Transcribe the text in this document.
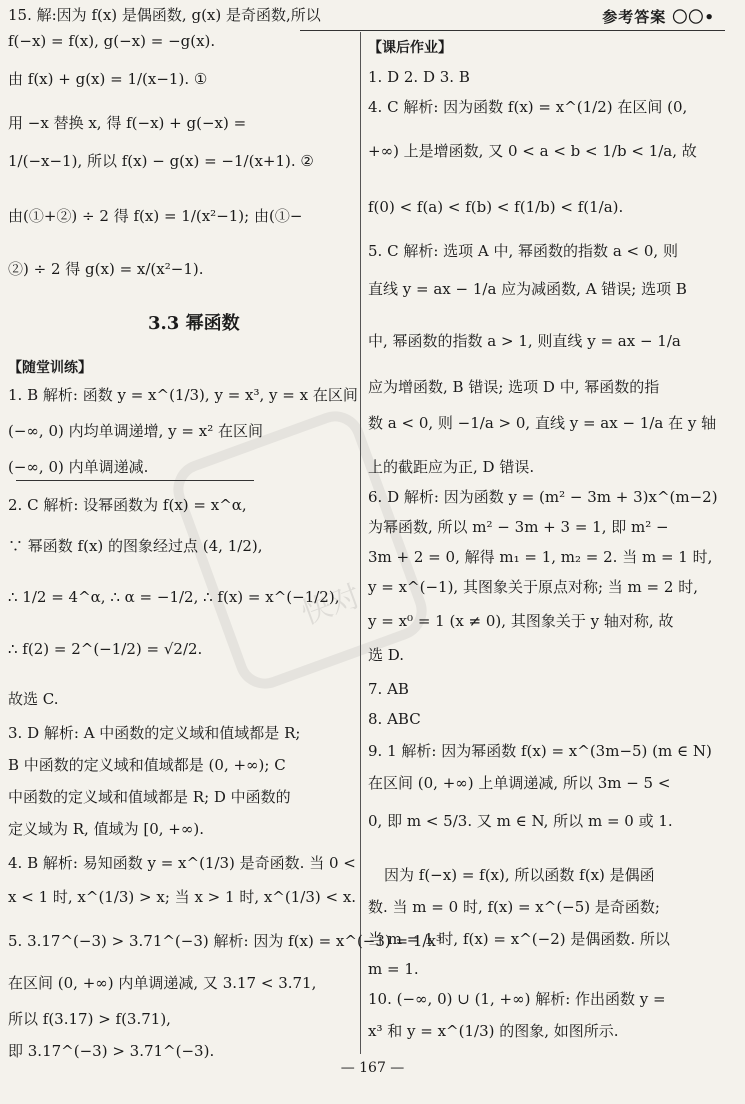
参考答案 〇〇•
快对
15. 解:因为 f(x) 是偶函数, g(x) 是奇函数,所以
f(−x) = f(x), g(−x) = −g(x).
由 f(x) + g(x) = 1/(x−1). ①
用 −x 替换 x, 得 f(−x) + g(−x) =
1/(−x−1), 所以 f(x) − g(x) = −1/(x+1). ②
由(①+②) ÷ 2 得 f(x) = 1/(x²−1); 由(①−
②) ÷ 2 得 g(x) = x/(x²−1).
3.3 幂函数
【随堂训练】
1. B 解析: 函数 y = x^(1/3), y = x³, y = x 在区间
(−∞, 0) 内均单调递增, y = x² 在区间
(−∞, 0) 内单调递减.
2. C 解析: 设幂函数为 f(x) = x^α,
∵ 幂函数 f(x) 的图象经过点 (4, 1/2),
∴ 1/2 = 4^α, ∴ α = −1/2, ∴ f(x) = x^(−1/2),
∴ f(2) = 2^(−1/2) = √2/2.
故选 C.
3. D 解析: A 中函数的定义域和值域都是 R;
B 中函数的定义域和值域都是 (0, +∞); C
中函数的定义域和值域都是 R; D 中函数的
定义域为 R, 值域为 [0, +∞).
4. B 解析: 易知函数 y = x^(1/3) 是奇函数. 当 0 <
x < 1 时, x^(1/3) > x; 当 x > 1 时, x^(1/3) < x.
5. 3.17^(−3) > 3.71^(−3) 解析: 因为 f(x) = x^(−3) = 1/x³
在区间 (0, +∞) 内单调递减, 又 3.17 < 3.71,
所以 f(3.17) > f(3.71),
即 3.17^(−3) > 3.71^(−3).
【课后作业】
1. D 2. D 3. B
4. C 解析: 因为函数 f(x) = x^(1/2) 在区间 (0,
+∞) 上是增函数, 又 0 < a < b < 1/b < 1/a, 故
f(0) < f(a) < f(b) < f(1/b) < f(1/a).
5. C 解析: 选项 A 中, 幂函数的指数 a < 0, 则
直线 y = ax − 1/a 应为减函数, A 错误; 选项 B
中, 幂函数的指数 a > 1, 则直线 y = ax − 1/a
应为增函数, B 错误; 选项 D 中, 幂函数的指
数 a < 0, 则 −1/a > 0, 直线 y = ax − 1/a 在 y 轴
上的截距应为正, D 错误.
6. D 解析: 因为函数 y = (m² − 3m + 3)x^(m−2)
为幂函数, 所以 m² − 3m + 3 = 1, 即 m² −
3m + 2 = 0, 解得 m₁ = 1, m₂ = 2. 当 m = 1 时,
y = x^(−1), 其图象关于原点对称; 当 m = 2 时,
y = x⁰ = 1 (x ≠ 0), 其图象关于 y 轴对称, 故
选 D.
7. AB
8. ABC
9. 1 解析: 因为幂函数 f(x) = x^(3m−5) (m ∈ N)
在区间 (0, +∞) 上单调递减, 所以 3m − 5 <
0, 即 m < 5/3. 又 m ∈ N, 所以 m = 0 或 1.
因为 f(−x) = f(x), 所以函数 f(x) 是偶函
数. 当 m = 0 时, f(x) = x^(−5) 是奇函数;
当 m = 1 时, f(x) = x^(−2) 是偶函数. 所以
m = 1.
10. (−∞, 0) ∪ (1, +∞) 解析: 作出函数 y =
x³ 和 y = x^(1/3) 的图象, 如图所示.
— 167 —
